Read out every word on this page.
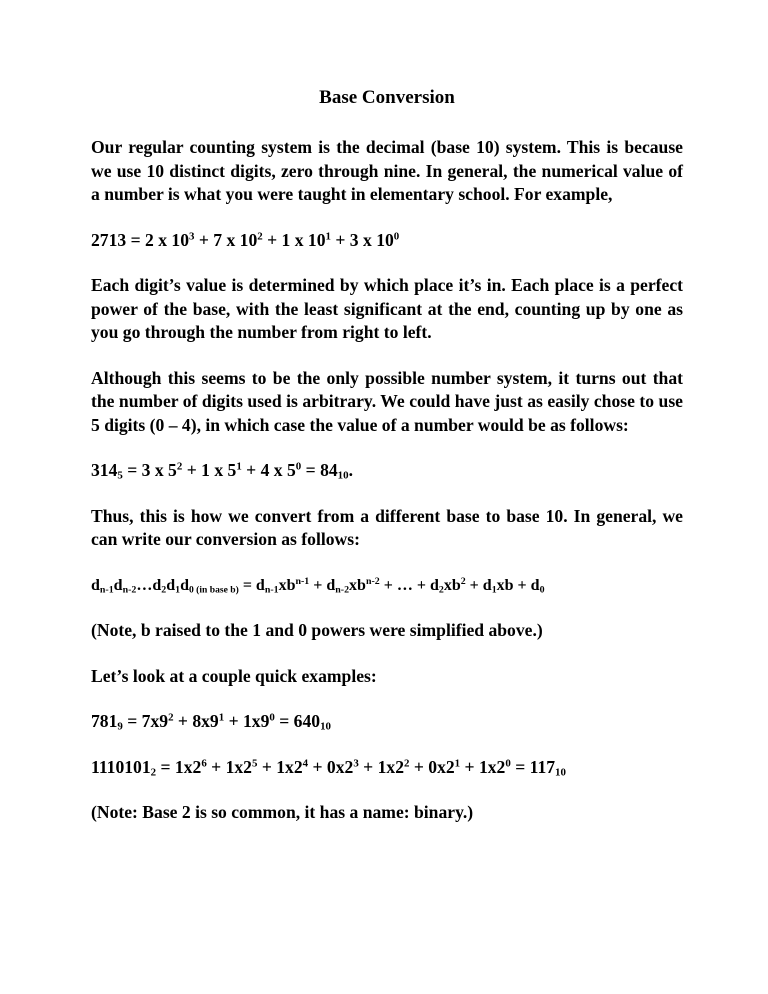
Base Conversion

Our regular counting system is the decimal (base 10) system. This is because we use 10 distinct digits, zero through nine. In general, the numerical value of a number is what you were taught in elementary school. For example,

2713 = 2 x $10^3 + 7$ x $10^2 + 1$ x $10^1 + 3$ x $10^0$

Each digit’s value is determined by which place it’s in. Each place is a perfect power of the base, with the least significant at the end, counting up by one as you go through the number from right to left.

Although this seems to be the only possible number system, it turns out that the number of digits used is arbitrary. We could have just as easily chose to use 5 digits (0 – 4), in which case the value of a number would be as follows:

$314_5 = 3$ x $5^2 + 1$ x $5^1 + 4$ x $5^0 = 84_{10}$.

Thus, this is how we convert from a different base to base 10. In general, we can write our conversion as follows:

$d_{n-1}d_{n-2}\dots d_2d_1d_{0 (in base b)} = d_{n-1}xb^{n-1} + d_{n-2}xb^{n-2}$ + … + $d_2xb^2 + d_1xb + d_0$

(Note, b raised to the 1 and 0 powers were simplified above.)

Let’s look at a couple quick examples:

$781_9 = 7x9^2 + 8x9^1 + 1x9^0 = 640_{10}$

$1110101_2 = 1x2^6 + 1x2^5 + 1x2^4 + 0x2^3 + 1x2^2 + 0x2^1 + 1x2^0 = 117_{10}$

(Note: Base 2 is so common, it has a name: binary.)
